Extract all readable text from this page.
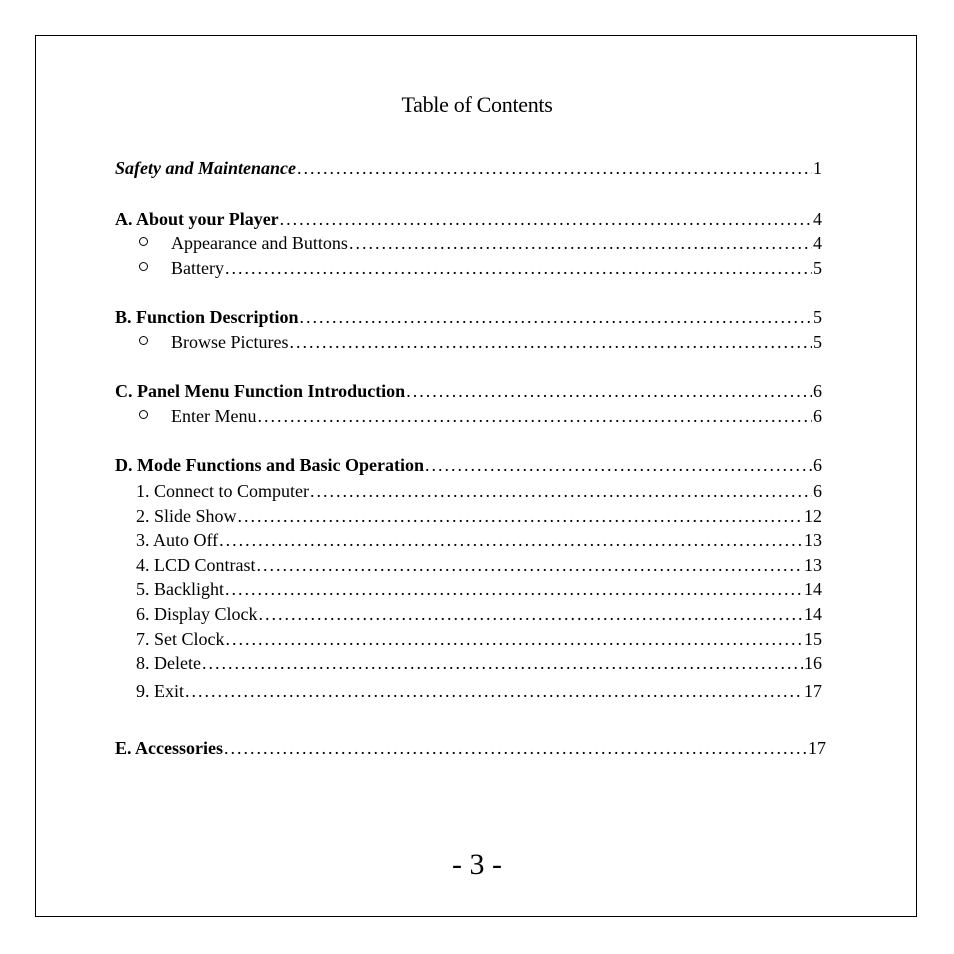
Table of Contents
Safety and Maintenance .....	1
A. About your Player .....	4
Appearance and Buttons .....	4
Battery .....	5
B. Function Description .....	5
Browse Pictures .....	5
C. Panel Menu Function Introduction .....	6
Enter Menu .....	6
D. Mode Functions and Basic Operation .....	6
1. Connect to Computer .....	6
2. Slide Show .....	12
3. Auto Off .....	13
4. LCD Contrast .....	13
5. Backlight .....	14
6. Display Clock .....	14
7. Set Clock .....	15
8. Delete .....	16
9. Exit .....	17
E. Accessories .....	17
- 3 -
